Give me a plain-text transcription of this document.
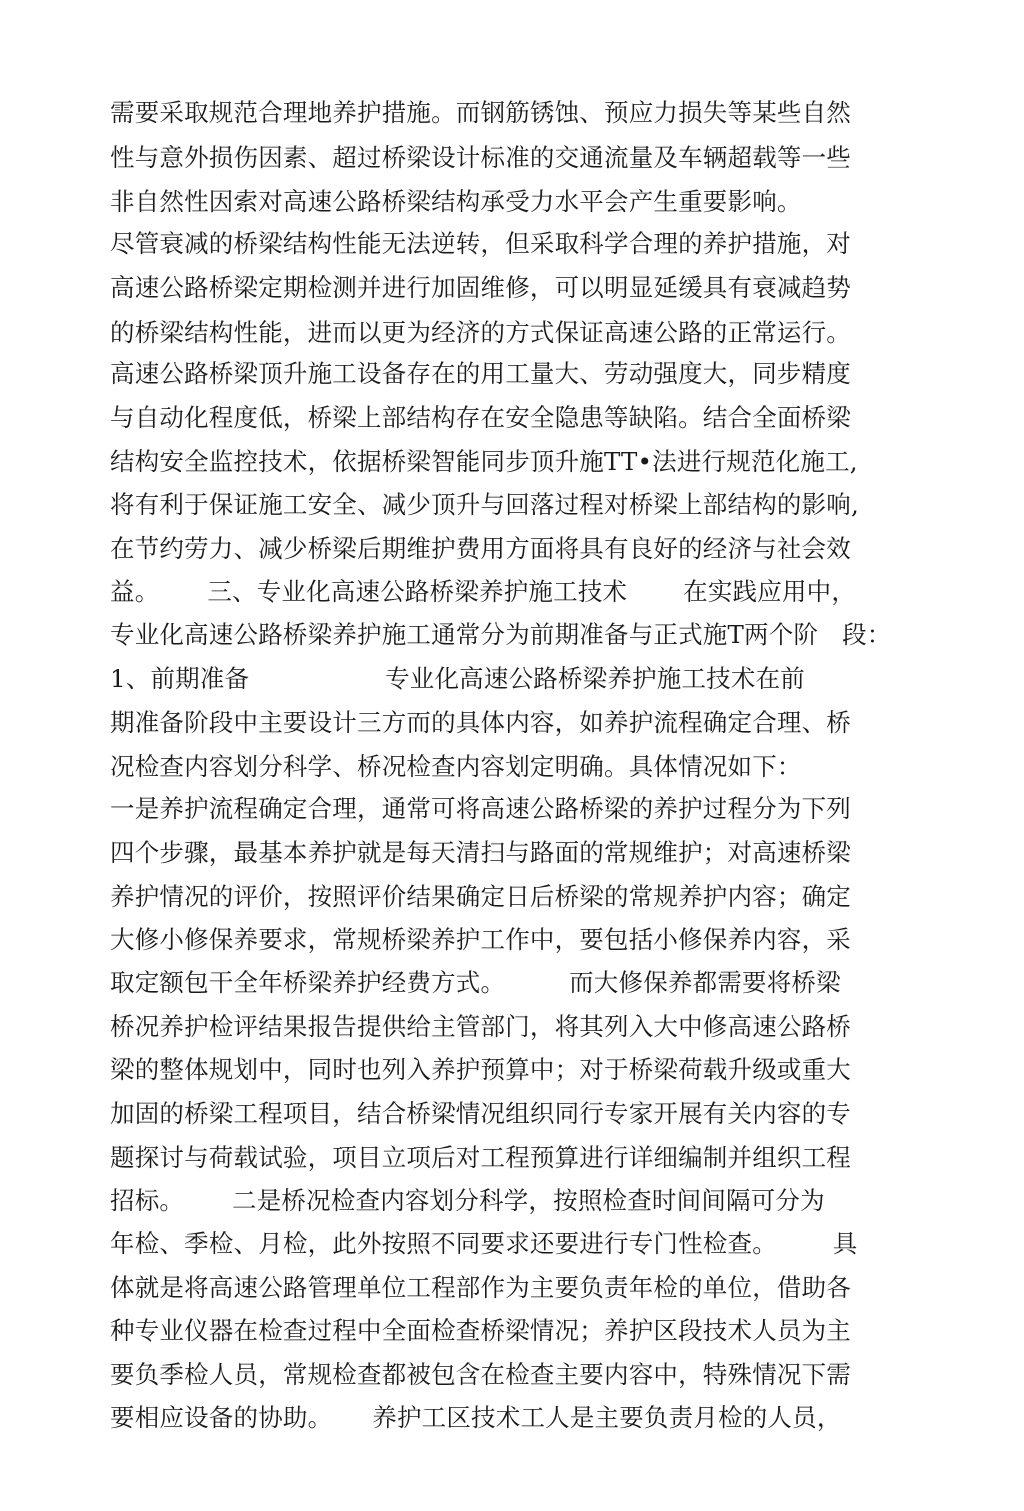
需要采取规范合理地养护措施。而钢筋锈蚀、预应力损失等某些自然
性与意外损伤因素、超过桥梁设计标准的交通流量及车辆超载等一些
非自然性因索对高速公路桥梁结构承受力水平会产生重要影响。
尽管衰减的桥梁结构性能无法逆转，但采取科学合理的养护措施，对
高速公路桥梁定期检测并进行加固维修，可以明显延缓具有衰减趋势
的桥梁结构性能，进而以更为经济的方式保证高速公路的正常运行。
高速公路桥梁顶升施工设备存在的用工量大、劳动强度大，同步精度
与自动化程度低，桥梁上部结构存在安全隐患等缺陷。结合全面桥梁
结构安全监控技术，依据桥梁智能同步顶升施TT•法进行规范化施工,
将有利于保证施工安全、减少顶升与回落过程对桥梁上部结构的影响,
在节约劳力、减少桥梁后期维护费用方面将具有良好的经济与社会效
益。      三、专业化高速公路桥梁养护施工技术       在实践应用中，
专业化高速公路桥梁养护施工通常分为前期准备与正式施T两个阶   段：
1、前期准备                 专业化高速公路桥梁养护施工技术在前
期准备阶段中主要设计三方而的具体内容，如养护流程确定合理、桥
况检查内容划分科学、桥况检查内容划定明确。具体情况如下：
一是养护流程确定合理，通常可将高速公路桥梁的养护过程分为下列
四个步骤，最基本养护就是每天清扫与路面的常规维护；对高速桥梁
养护情况的评价，按照评价结果确定日后桥梁的常规养护内容；确定
大修小修保养要求，常规桥梁养护工作中，要包括小修保养内容，采
取定额包干全年桥梁养护经费方式。        而大修保养都需要将桥梁
桥况养护检评结果报告提供给主管部门，将其列入大中修高速公路桥
梁的整体规划中，同时也列入养护预算中；对于桥梁荷载升级或重大
加固的桥梁工程项目，结合桥梁情况组织同行专家开展有关内容的专
题探讨与荷载试验，项目立项后对工程预算进行详细编制并组织工程
招标。      二是桥况检查内容划分科学，按照检查时间间隔可分为
年检、季检、月检，此外按照不同要求还要进行专门性检查。       具
体就是将高速公路管理单位工程部作为主要负责年检的单位，借助各
种专业仪器在检查过程中全面检查桥梁情况；养护区段技术人员为主
要负季检人员，常规检查都被包含在检查主要内容中，特殊情况下需
要相应设备的协助。     养护工区技术工人是主要负责月检的人员，
